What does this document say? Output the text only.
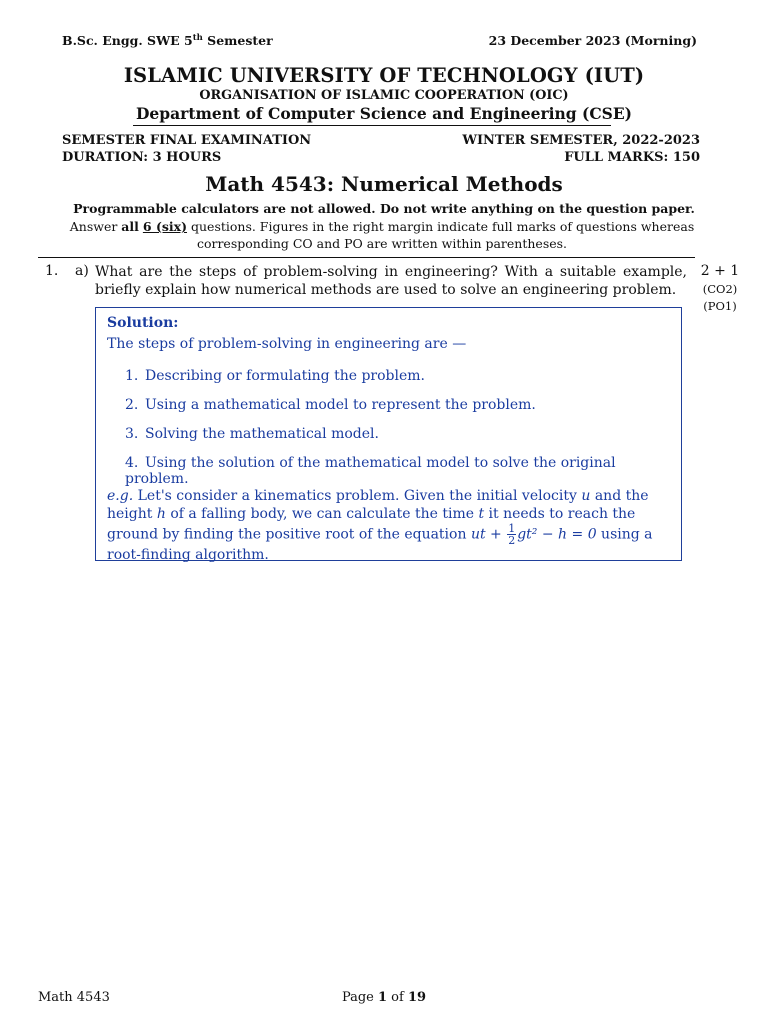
B.Sc. Engg. SWE 5th Semester	23 December 2023 (Morning)
ISLAMIC UNIVERSITY OF TECHNOLOGY (IUT)
ORGANISATION OF ISLAMIC COOPERATION (OIC)
Department of Computer Science and Engineering (CSE)
SEMESTER FINAL EXAMINATION
DURATION: 3 HOURS
WINTER SEMESTER, 2022-2023
FULL MARKS: 150
Math 4543: Numerical Methods
Programmable calculators are not allowed. Do not write anything on the question paper.
Answer all 6 (six) questions. Figures in the right margin indicate full marks of questions whereas
corresponding CO and PO are written within parentheses.
1. a) What are the steps of problem-solving in engineering? With a suitable example, briefly explain how numerical methods are used to solve an engineering problem.
2 + 1
(CO2)
(PO1)
Solution:
The steps of problem-solving in engineering are —
1. Describing or formulating the problem.
2. Using a mathematical model to represent the problem.
3. Solving the mathematical model.
4. Using the solution of the mathematical model to solve the original problem.
e.g. Let's consider a kinematics problem. Given the initial velocity u and the height h of a falling body, we can calculate the time t it needs to reach the ground by finding the positive root of the equation ut + $\frac{1}{2} gt^2 - h = 0$ using a root-finding algorithm.
Math 4543	Page 1 of 19
